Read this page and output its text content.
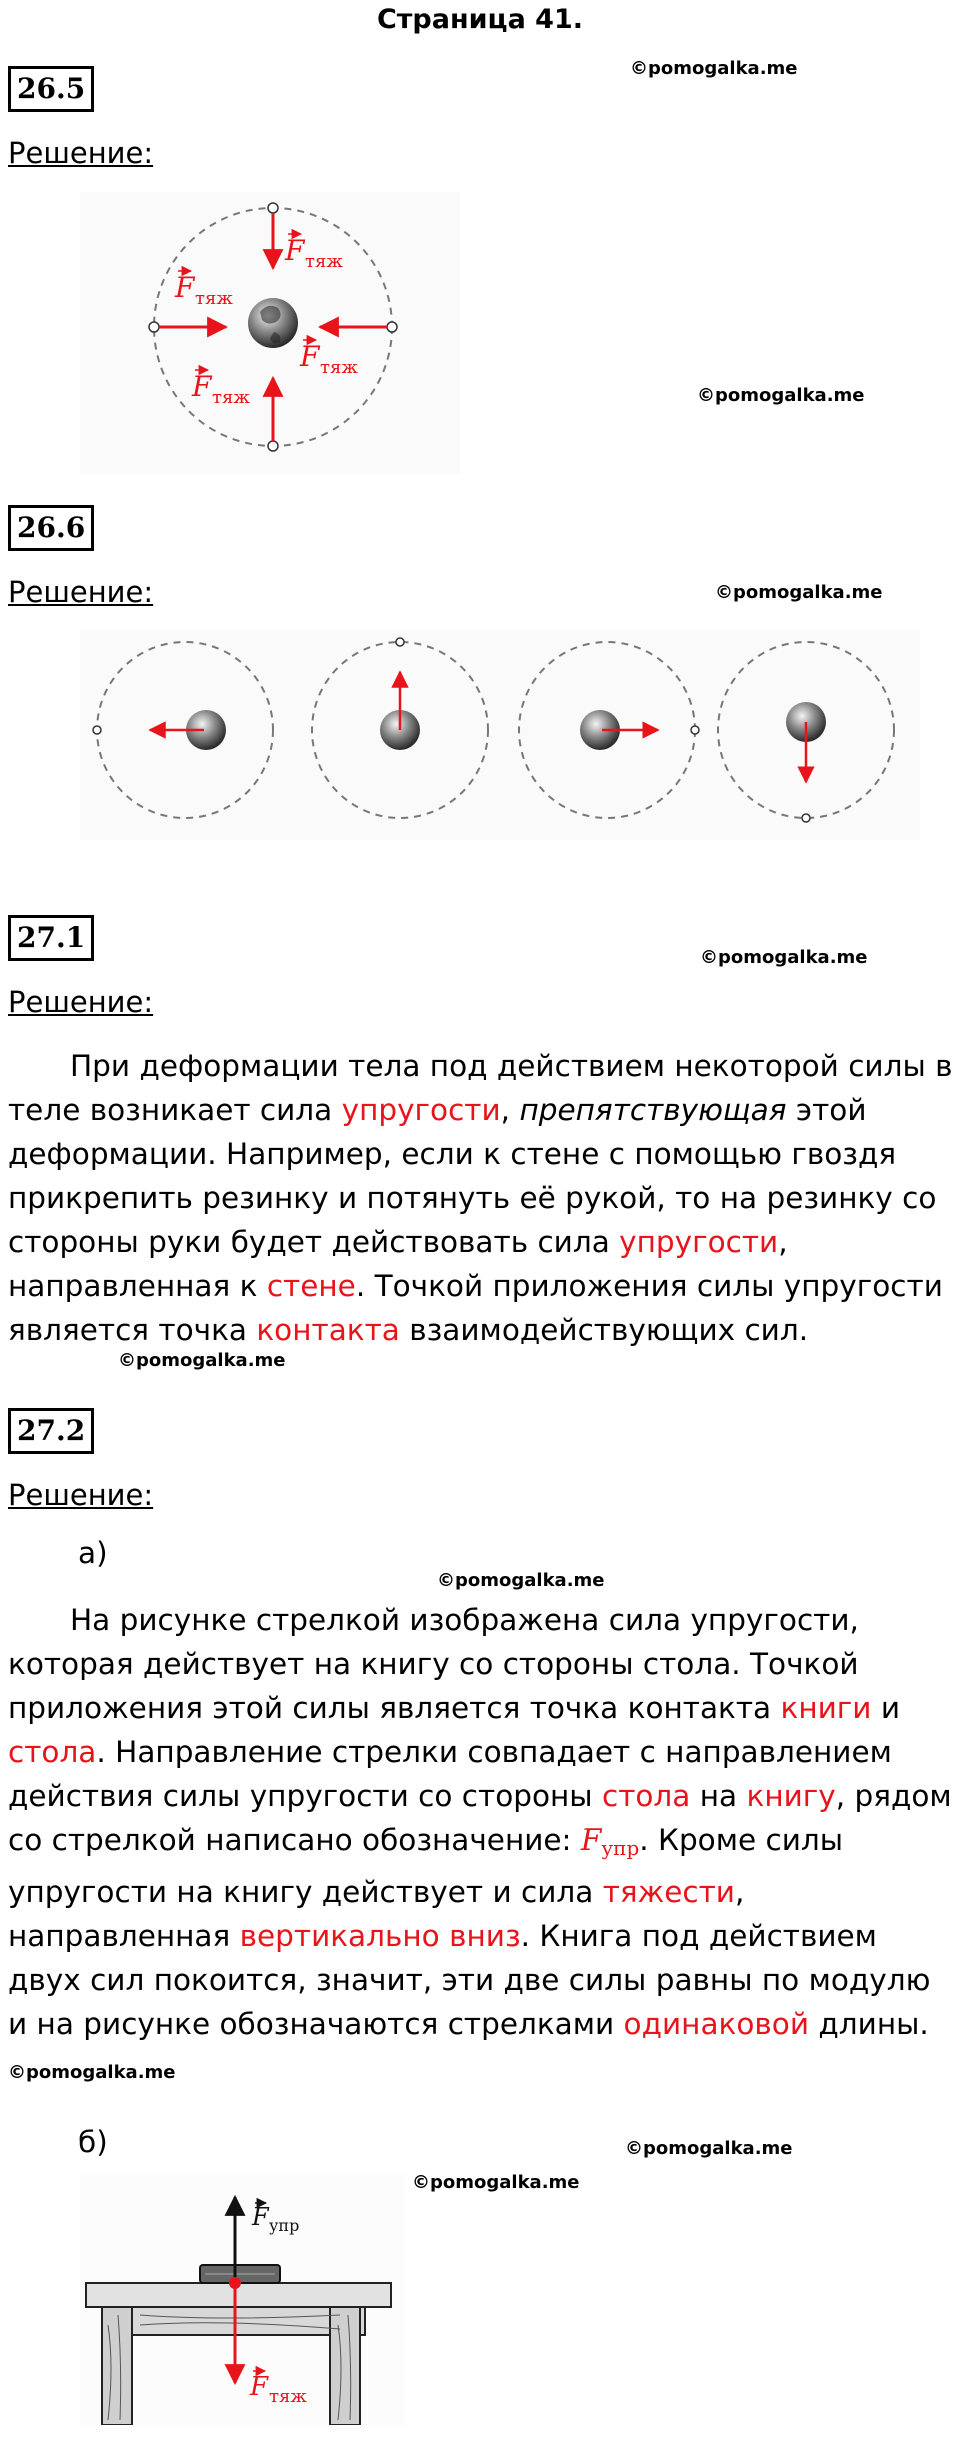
Страница 41.
26.5
©pomogalka.me
Решение:
F тяж
F тяж
F тяж
F тяж	©pomogalka.me
26.6
Решение:	©pomogalka.me
27.1
©pomogalka.me
Решение:
При деформации тела под действием некоторой силы в теле возникает сила упругости, препятствующая этой деформации. Например, если к стене с помощью гвоздя прикрепить резинку и потянуть её рукой, то на резинку со стороны руки будет действовать сила упругости, направленная к стене. Точкой приложения силы упругости является точка контакта взаимодействующих сил.
©pomogalka.me
27.2
Решение:
а)
©pomogalka.me
На рисунке стрелкой изображена сила упругости, которая действует на книгу со стороны стола. Точкой приложения этой силы является точка контакта книги и стола. Направление стрелки совпадает с направлением действия силы упругости со стороны стола на книгу, рядом со стрелкой написано обозначение: Fупр. Кроме силы упругости на книгу действует и сила тяжести, направленная вертикально вниз. Книга под действием двух сил покоится, значит, эти две силы равны по модулю и на рисунке обозначаются стрелками одинаковой длины. ©pomogalka.me
б)	©pomogalka.me
©pomogalka.me
F упр
F тяж
